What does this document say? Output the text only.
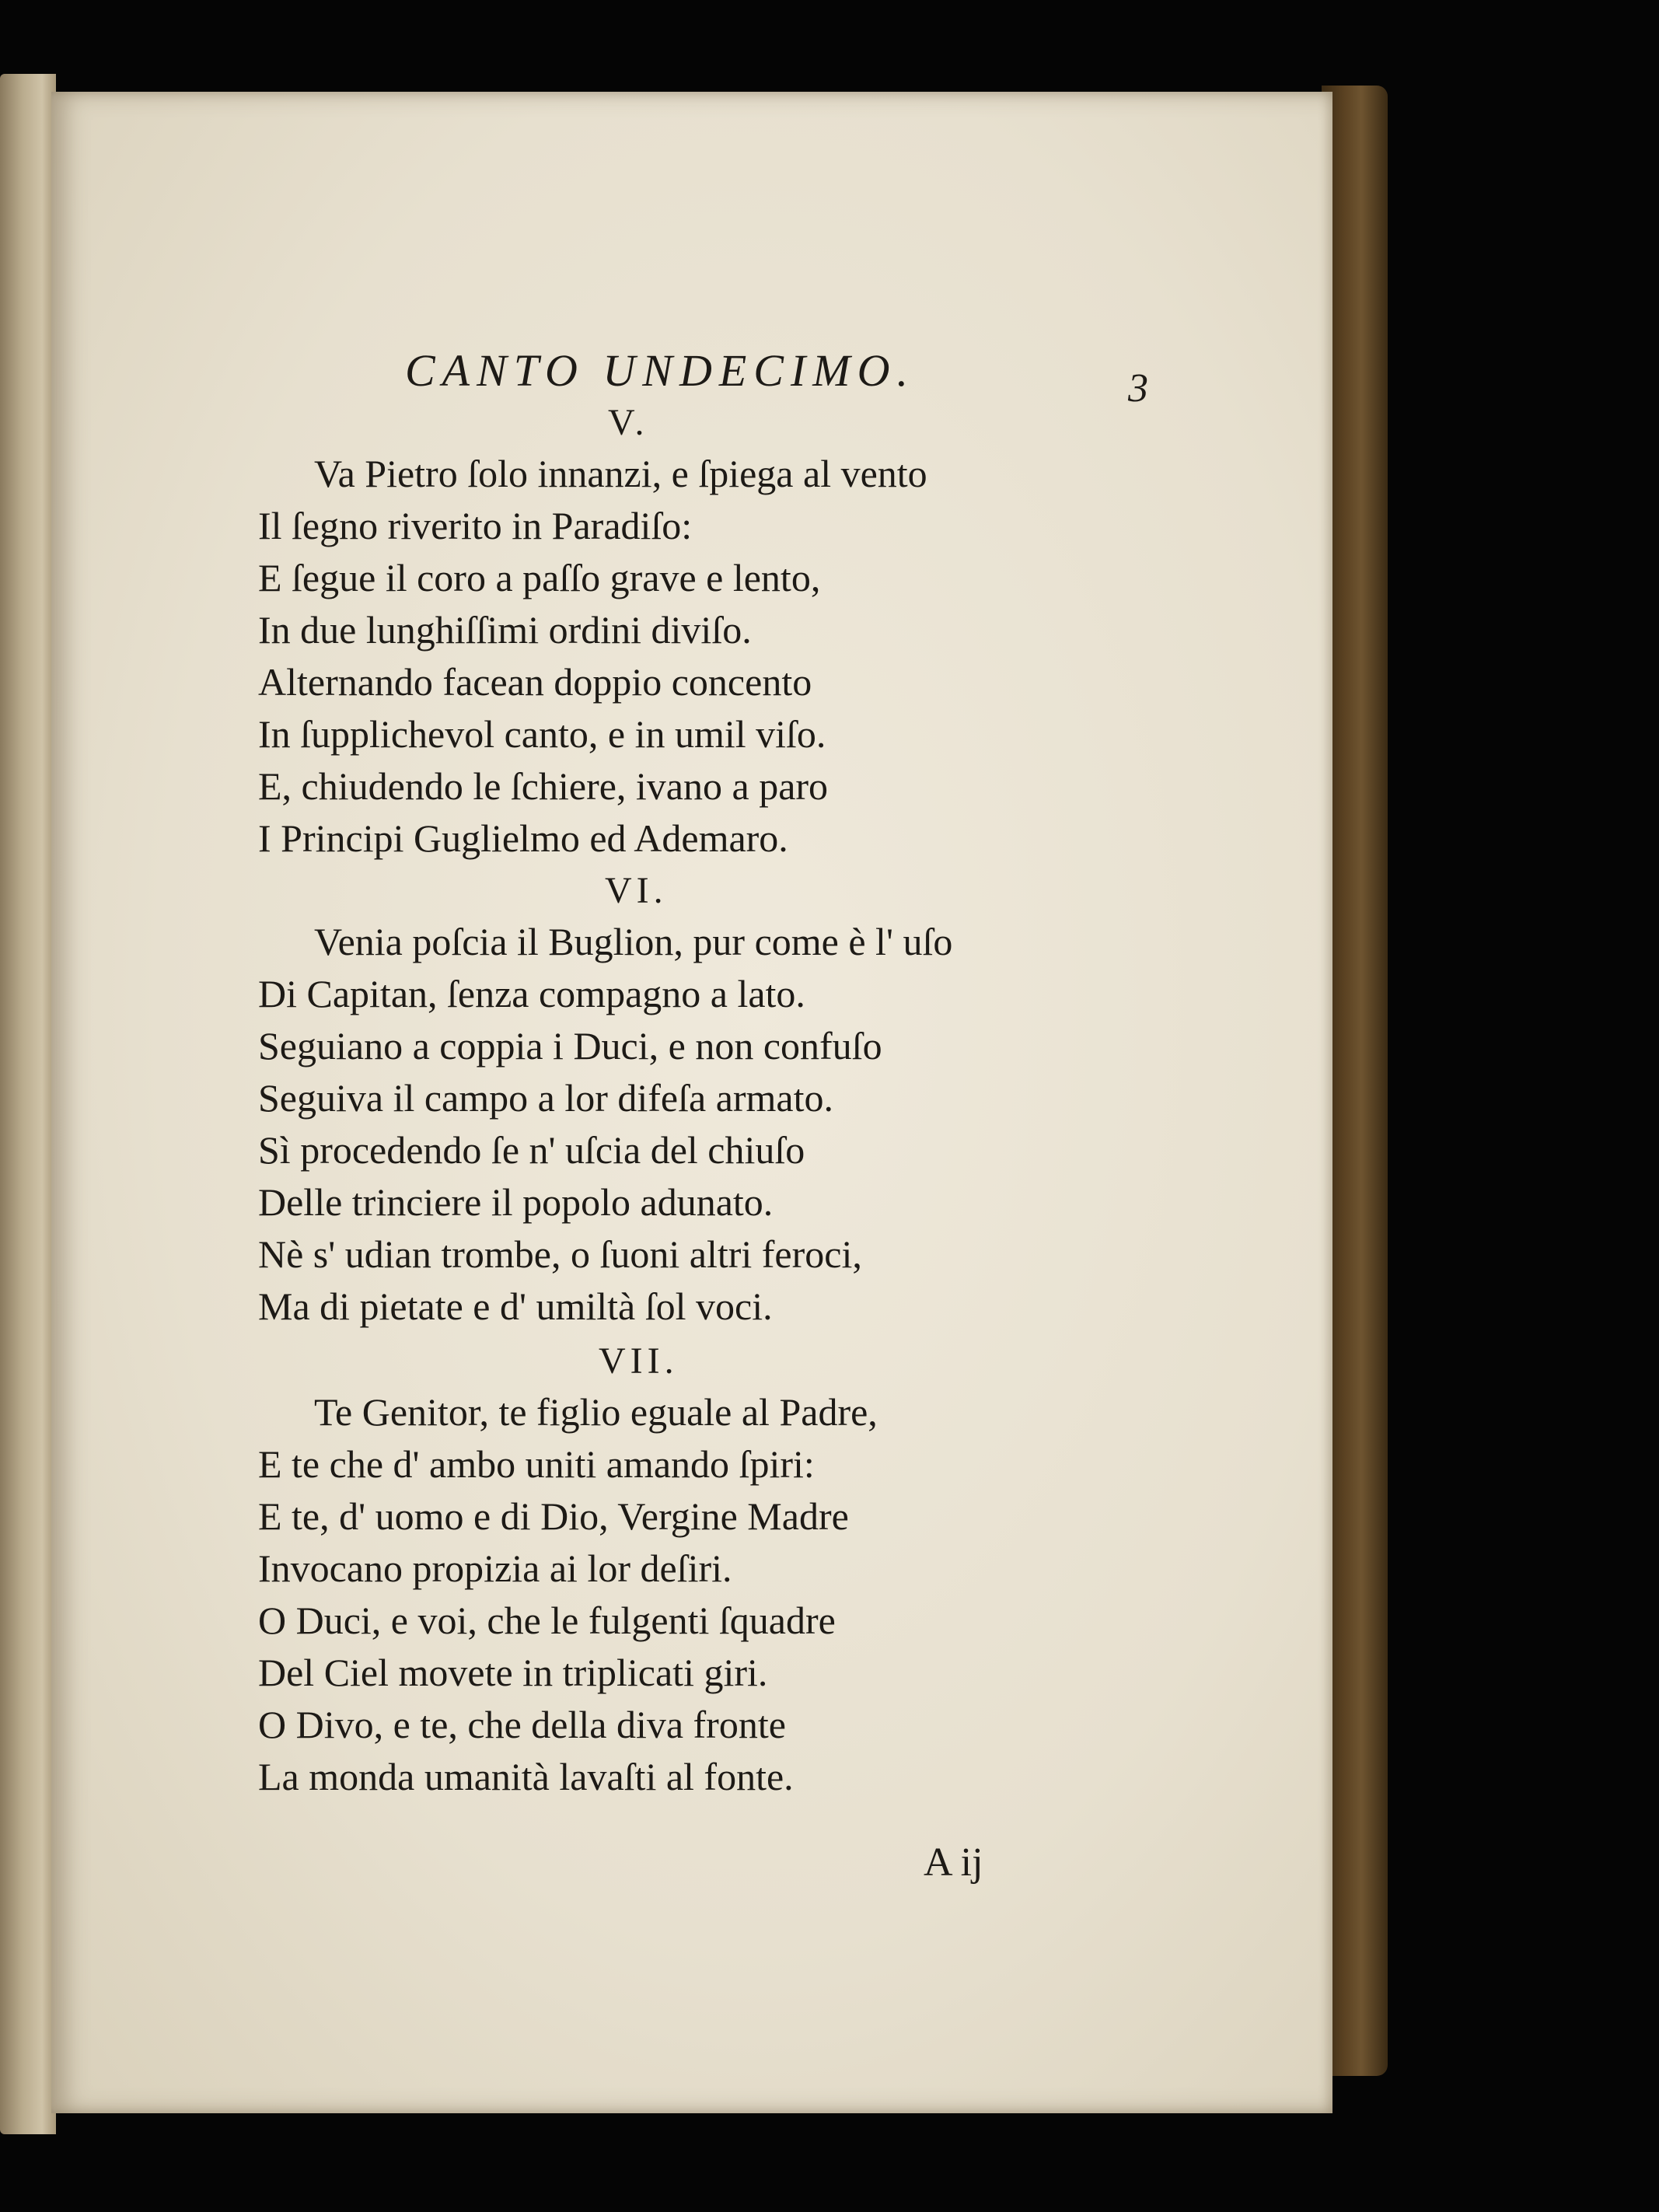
CANTO UNDECIMO.	3
V.
Va Pietro ſolo innanzi, e ſpiega al vento
Il ſegno riverito in Paradiſo:
E ſegue il coro a paſſo grave e lento,
In due lunghiſſimi ordini diviſo.
Alternando facean doppio concento
In ſupplichevol canto, e in umil viſo.
E, chiudendo le ſchiere, ivano a paro
I Principi Guglielmo ed Ademaro.
VI.
Venia poſcia il Buglion, pur come è l' uſo
Di Capitan, ſenza compagno a lato.
Seguiano a coppia i Duci, e non confuſo
Seguiva il campo a lor difeſa armato.
Sì procedendo ſe n' uſcia del chiuſo
Delle trinciere il popolo adunato.
Nè s' udian trombe, o ſuoni altri feroci,
Ma di pietate e d' umiltà ſol voci.
VII.
Te Genitor, te figlio eguale al Padre,
E te che d' ambo uniti amando ſpiri:
E te, d' uomo e di Dio, Vergine Madre
Invocano propizia ai lor deſiri.
O Duci, e voi, che le fulgenti ſquadre
Del Ciel movete in triplicati giri.
O Divo, e te, che della diva fronte
La monda umanità lavaſti al fonte.
A ij
